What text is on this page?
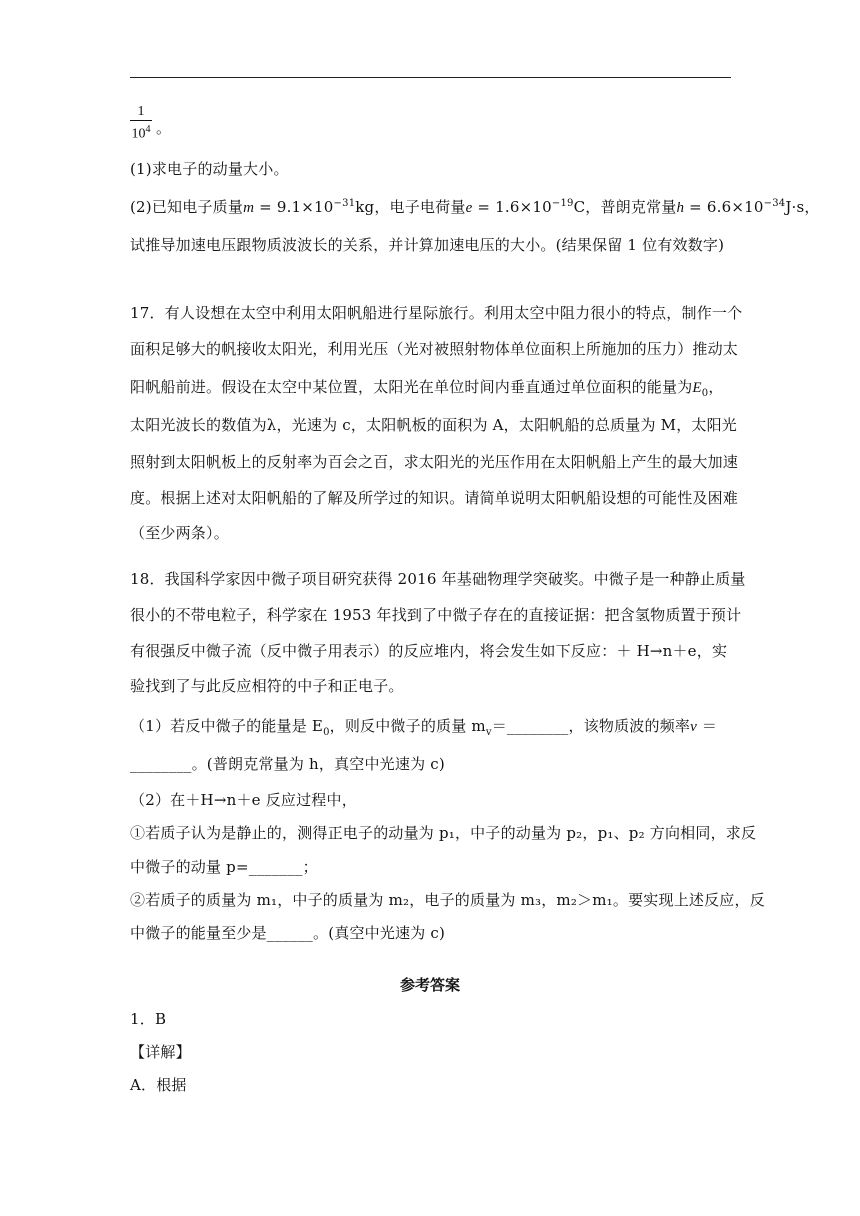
$\frac{1}{10^4}$ 。
(1)求电子的动量大小。
(2)已知电子质量$m = 9.1\times 10^{-31}kg$，电子电荷量$e = 1.6\times 10^{-19}C$，普朗克常量$h = 6.6\times 10^{-34}J\cdot s$，
试推导加速电压跟物质波波长的关系，并计算加速电压的大小。(结果保留 1 位有效数字)
17．有人设想在太空中利用太阳帆船进行星际旅行。利用太空中阻力很小的特点，制作一个
面积足够大的帆接收太阳光，利用光压（光对被照射物体单位面积上所施加的压力）推动太
阳帆船前进。假设在太空中某位置，太阳光在单位时间内垂直通过单位面积的能量为$E_0$，
太阳光波长的数值为λ，光速为 c，太阳帆板的面积为 A，太阳帆船的总质量为 M，太阳光
照射到太阳帆板上的反射率为百会之百，求太阳光的光压作用在太阳帆船上产生的最大加速
度。根据上述对太阳帆船的了解及所学过的知识。请简单说明太阳帆船设想的可能性及困难
（至少两条）。
18．我国科学家因中微子项目研究获得 2016 年基础物理学突破奖。中微子是一种静止质量
很小的不带电粒子，科学家在 1953 年找到了中微子存在的直接证据：把含氢物质置于预计
有很强反中微子流（反中微子用表示）的反应堆内，将会发生如下反应：＋ H→n＋e，实
验找到了与此反应相符的中子和正电子。
（1）若反中微子的能量是 $E_0$，则反中微子的质量 $m_v=\_\_\_\_\_\_\_\_$，该物质波的频率ν ＝
________。(普朗克常量为 h，真空中光速为 c)
（2）在＋H→n＋e 反应过程中，
①若质子认为是静止的，测得正电子的动量为 p₁，中子的动量为 p₂，p₁、p₂ 方向相同，求反
中微子的动量 p=_______；
②若质子的质量为 m₁，中子的质量为 m₂，电子的质量为 m₃，m₂＞m₁。要实现上述反应，反
中微子的能量至少是______。(真空中光速为 c)
参考答案
1．B
【详解】
A．根据
